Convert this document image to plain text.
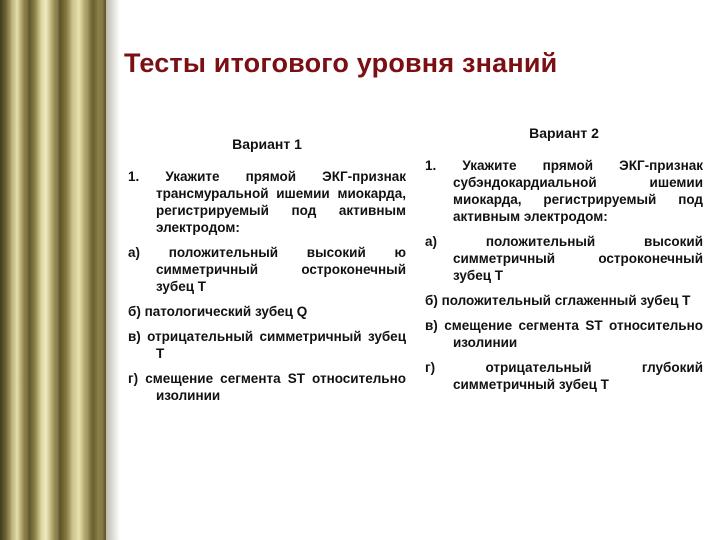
Тесты итогового уровня знаний
Вариант 1
1. Укажите прямой ЭКГ-признак трансмуральной ишемии миокарда, регистрируемый под активным электродом:
а) положительный высокий ю симметричный остроконечный зубец Т
б) патологический зубец Q
в) отрицательный симметричный зубец Т
г) смещение сегмента ST относительно изолинии
Вариант 2
1. Укажите прямой ЭКГ-признак субэндокардиальной ишемии миокарда, регистрируемый под активным электродом:
а) положительный высокий симметричный остроконечный зубец Т
б) положительный сглаженный зубец Т
в) смещение сегмента ST относительно изолинии
г) отрицательный глубокий симметричный зубец Т
